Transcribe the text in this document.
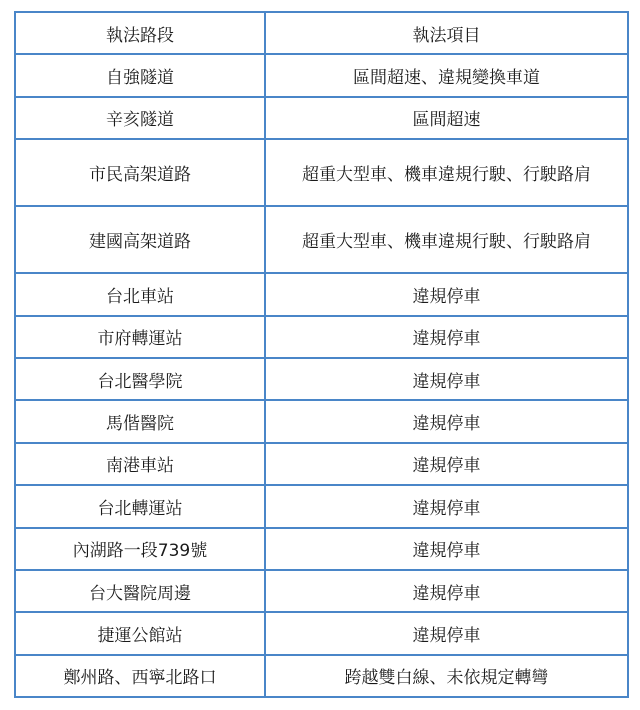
執法路段	執法項目
自強隧道	區間超速、違規變換車道
辛亥隧道	區間超速
市民高架道路	超重大型車、機車違規行駛、行駛路肩
建國高架道路	超重大型車、機車違規行駛、行駛路肩
台北車站	違規停車
市府轉運站	違規停車
台北醫學院	違規停車
馬偕醫院	違規停車
南港車站	違規停車
台北轉運站	違規停車
內湖路一段739號	違規停車
台大醫院周邊	違規停車
捷運公館站	違規停車
鄭州路、西寧北路口	跨越雙白線、未依規定轉彎
